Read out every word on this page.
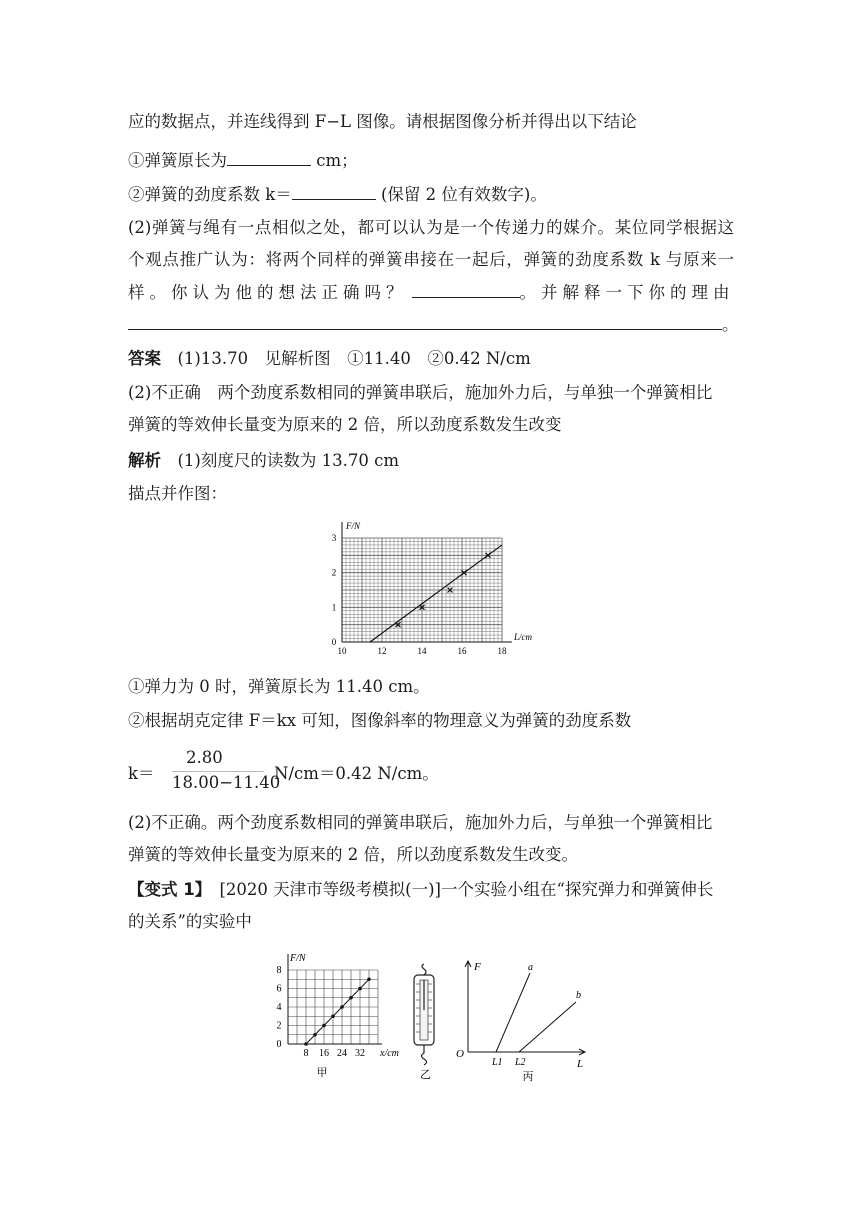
应的数据点，并连线得到 F−L 图像。请根据图像分析并得出以下结论
①弹簧原长为	cm；
②弹簧的劲度系数 k＝	(保留 2 位有效数字)。
(2)弹簧与绳有一点相似之处，都可以认为是一个传递力的媒介。某位同学根据这
个观点推广认为：将两个同样的弹簧串接在一起后，弹簧的劲度系数 k 与原来一
样。你认为他的想法正确吗？	。并解释一下你的理由
。
答案　 (1)13.70　见解析图　①11.40　②0.42 N/cm
(2)不正确　两个劲度系数相同的弹簧串联后，施加外力后，与单独一个弹簧相比
弹簧的等效伸长量变为原来的 2 倍，所以劲度系数发生改变
解析　 (1)刻度尺的读数为 13.70 cm
描点并作图：
0
1
2
3
10	12	14	16	18
F/N
L/cm
①弹力为 0 时，弹簧原长为 11.40 cm。
②根据胡克定律 F＝kx 可知，图像斜率的物理意义为弹簧的劲度系数
k＝
2.80
18.00−11.40
N/cm＝0.42 N/cm。
(2)不正确。两个劲度系数相同的弹簧串联后，施加外力后，与单独一个弹簧相比
弹簧的等效伸长量变为原来的 2 倍，所以劲度系数发生改变。
【变式 1】　 [2020 天津市等级考模拟(一)]一个实验小组在“探究弹力和弹簧伸长
的关系”的实验中
0
2
4
6
8
8 16 24 32
F/N
x/cm
甲	乙
F
L
O
L1 L2
a
b
丙
